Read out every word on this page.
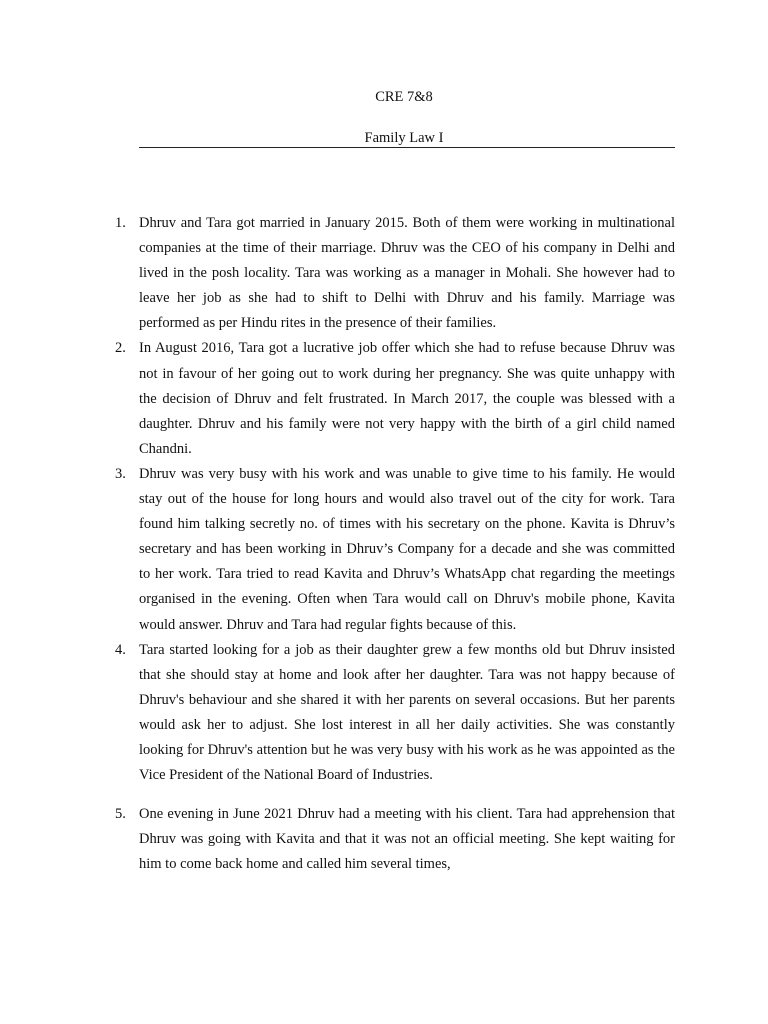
CRE 7&8
Family Law I
1. Dhruv and Tara got married in January 2015. Both of them were working in multinational companies at the time of their marriage. Dhruv was the CEO of his company in Delhi and lived in the posh locality. Tara was working as a manager in Mohali. She however had to leave her job as she had to shift to Delhi with Dhruv and his family. Marriage was performed as per Hindu rites in the presence of their families.
2. In August 2016, Tara got a lucrative job offer which she had to refuse because Dhruv was not in favour of her going out to work during her pregnancy. She was quite unhappy with the decision of Dhruv and felt frustrated. In March 2017, the couple was blessed with a daughter. Dhruv and his family were not very happy with the birth of a girl child named Chandni.
3. Dhruv was very busy with his work and was unable to give time to his family. He would stay out of the house for long hours and would also travel out of the city for work. Tara found him talking secretly no. of times with his secretary on the phone. Kavita is Dhruv’s secretary and has been working in Dhruv’s Company for a decade and she was committed to her work. Tara tried to read Kavita and Dhruv’s WhatsApp chat regarding the meetings organised in the evening. Often when Tara would call on Dhruv's mobile phone, Kavita would answer. Dhruv and Tara had regular fights because of this.
4. Tara started looking for a job as their daughter grew a few months old but Dhruv insisted that she should stay at home and look after her daughter. Tara was not happy because of Dhruv's behaviour and she shared it with her parents on several occasions. But her parents would ask her to adjust. She lost interest in all her daily activities. She was constantly looking for Dhruv's attention but he was very busy with his work as he was appointed as the Vice President of the National Board of Industries.
5. One evening in June 2021 Dhruv had a meeting with his client. Tara had apprehension that Dhruv was going with Kavita and that it was not an official meeting. She kept waiting for him to come back home and called him several times,
